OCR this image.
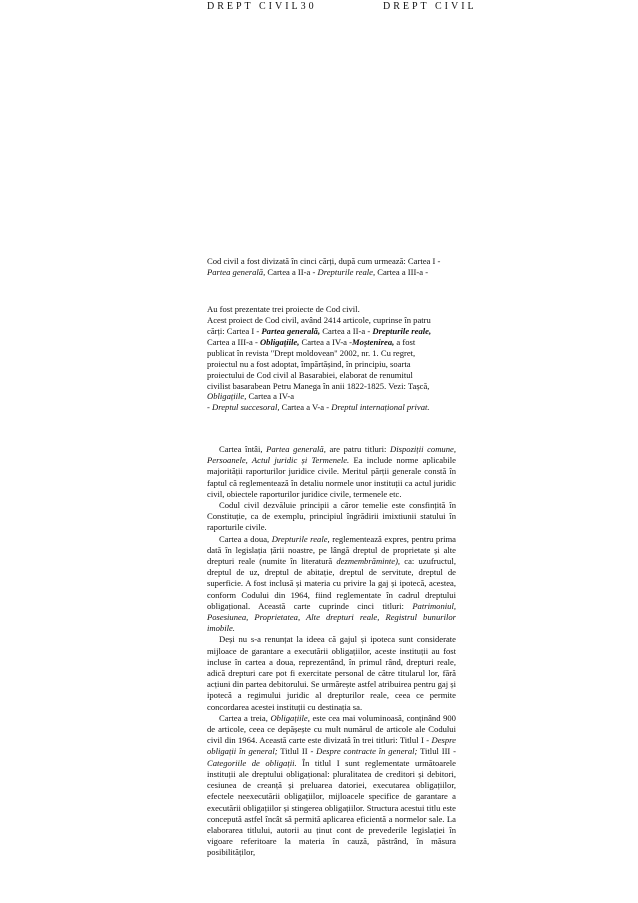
DREPT CIVIL30	DREPT CIVIL

Cod civil a fost divizată în cinci cărți, după cum urmează: Cartea I -
Partea generală, Cartea a II-a - Drepturile reale, Cartea a III-a -

Au fost prezentate trei proiecte de Cod civil.

Acest proiect de Cod civil, având 2414 articole, cuprinse în patru
cărți: Cartea I - Partea generală, Cartea a II-a - Drepturile reale,
Cartea a III-a - Obligațiile, Cartea a IV-a -Moștenirea, a fost
publicat în revista "Drept moldovean" 2002, nr. 1. Cu regret,
proiectul nu a fost adoptat, împărtășind, în principiu, soarta
proiectului de Cod civil al Basarabiei, elaborat de renumitul
civilist basarabean Petru Manega în anii 1822-1825. Vezi: Tașcă,

Obligațiile, Cartea a IV-a
- Dreptul succesoral, Cartea a V-a - Dreptul internațional privat.

Cartea întâi, Partea generală, are patru titluri: Dispoziții comune, Persoanele, Actul juridic și Termenele. Ea include norme aplicabile majorității raporturilor juridice civile. Meritul părții generale constă în faptul că reglementează în detaliu normele unor instituții ca actul juridic civil, obiectele raporturilor juridice civile, termenele etc.

Codul civil dezvăluie principii a căror temelie este consfințită în Constituție, ca de exemplu, principiul îngrădirii imixtiunii statului în raporturile civile.

Cartea a doua, Drepturile reale, reglementează expres, pentru prima dată în legislația țării noastre, pe lângă dreptul de proprietate și alte drepturi reale (numite în literatură dezmembrăminte), ca: uzufructul, dreptul de uz, dreptul de abitație, dreptul de servitute, dreptul de superficie. A fost inclusă și materia cu privire la gaj și ipotecă, acestea, conform Codului din 1964, fiind reglementate în cadrul dreptului obligațional. Această carte cuprinde cinci titluri: Patrimoniul, Posesiunea, Proprietatea, Alte drepturi reale, Registrul bunurilor imobile.

Deși nu s-a renunțat la ideea că gajul și ipoteca sunt considerate mijloace de garantare a executării obligațiilor, aceste instituții au fost incluse în cartea a doua, reprezentând, în primul rând, drepturi reale, adică drepturi care pot fi exercitate personal de către titularul lor, fără acțiuni din partea debitorului. Se urmărește astfel atribuirea pentru gaj și ipotecă a regimului juridic al drepturilor reale, ceea ce permite concordarea acestei instituții cu destinația sa.

Cartea a treia, Obligațiile, este cea mai voluminoasă, conținând 900 de articole, ceea ce depășește cu mult numărul de articole ale Codului civil din 1964. Această carte este divizată în trei titluri: Titlul I - Despre obligații în general; Titlul II - Despre contracte în general; Titlul III - Categoriile de obligații. În titlul I sunt reglementate următoarele instituții ale dreptului obligațional: pluralitatea de creditori și debitori, cesiunea de creanță și preluarea datoriei, executarea obligațiilor, efectele neexecutării obligațiilor, mijloacele specifice de garantare a executării obligațiilor și stingerea obligațiilor. Structura acestui titlu este concepută astfel încât să permită aplicarea eficientă a normelor sale. La elaborarea titlului, autorii au ținut cont de prevederile legislației în vigoare referitoare la materia în cauză, păstrând, în măsura posibilităților,
